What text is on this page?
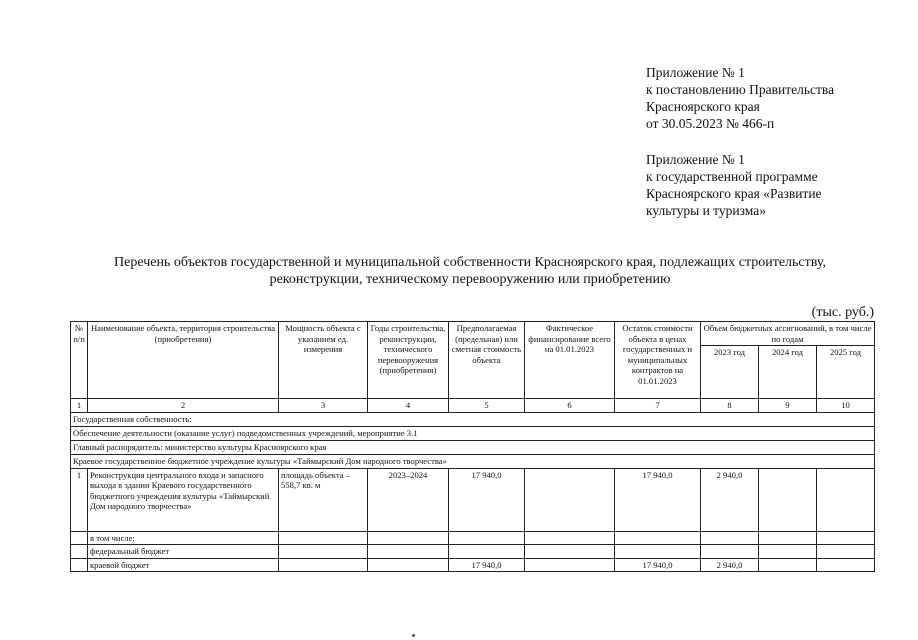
Приложение № 1
к постановлению Правительства
Красноярского края
от 30.05.2023 № 466-п
Приложение № 1
к государственной программе
Красноярского края «Развитие
культуры и туризма»
Перечень объектов государственной и муниципальной собственности Красноярского края, подлежащих строительству,
реконструкции, техническому перевооружению или приобретению
(тыс. руб.)
№ п/п	Наименование объекта, территория строительства (приобретения)	Мощность объекта с указанием ед. измерения	Годы строительства, реконструкции, технического перевооружения (приобретения)	Предполагаемая (предельная) или сметная стоимость объекта	Фактическое финансирование всего на 01.01.2023	Остаток стоимости объекта в ценах государственных и муниципальных контрактов на 01.01.2023	Объем бюджетных ассигнований, в том числе по годам		
							2023 год	2024 год	2025 год
1	2	3	4	5	6	7	8	9	10
Государственная собственность:									
Обеспечение деятельности (оказание услуг) подведомственных учреждений, мероприятие 3.1									
Главный распорядитель: министерство культуры Красноярского края									
Краевое государственное бюджетное учреждение культуры «Таймырский Дом народного творчества»									
1	Реконструкция центрального входа и запасного выхода в здании Краевого государственного бюджетного учреждения культуры «Таймырский Дом народного творчества»	площадь объекта – 558,7 кв. м	2023–2024	17 940,0		17 940,0	2 940,0		
	в том числе:								
	федеральный бюджет								
	краевой бюджет			17 940,0		17 940,0	2 940,0		
